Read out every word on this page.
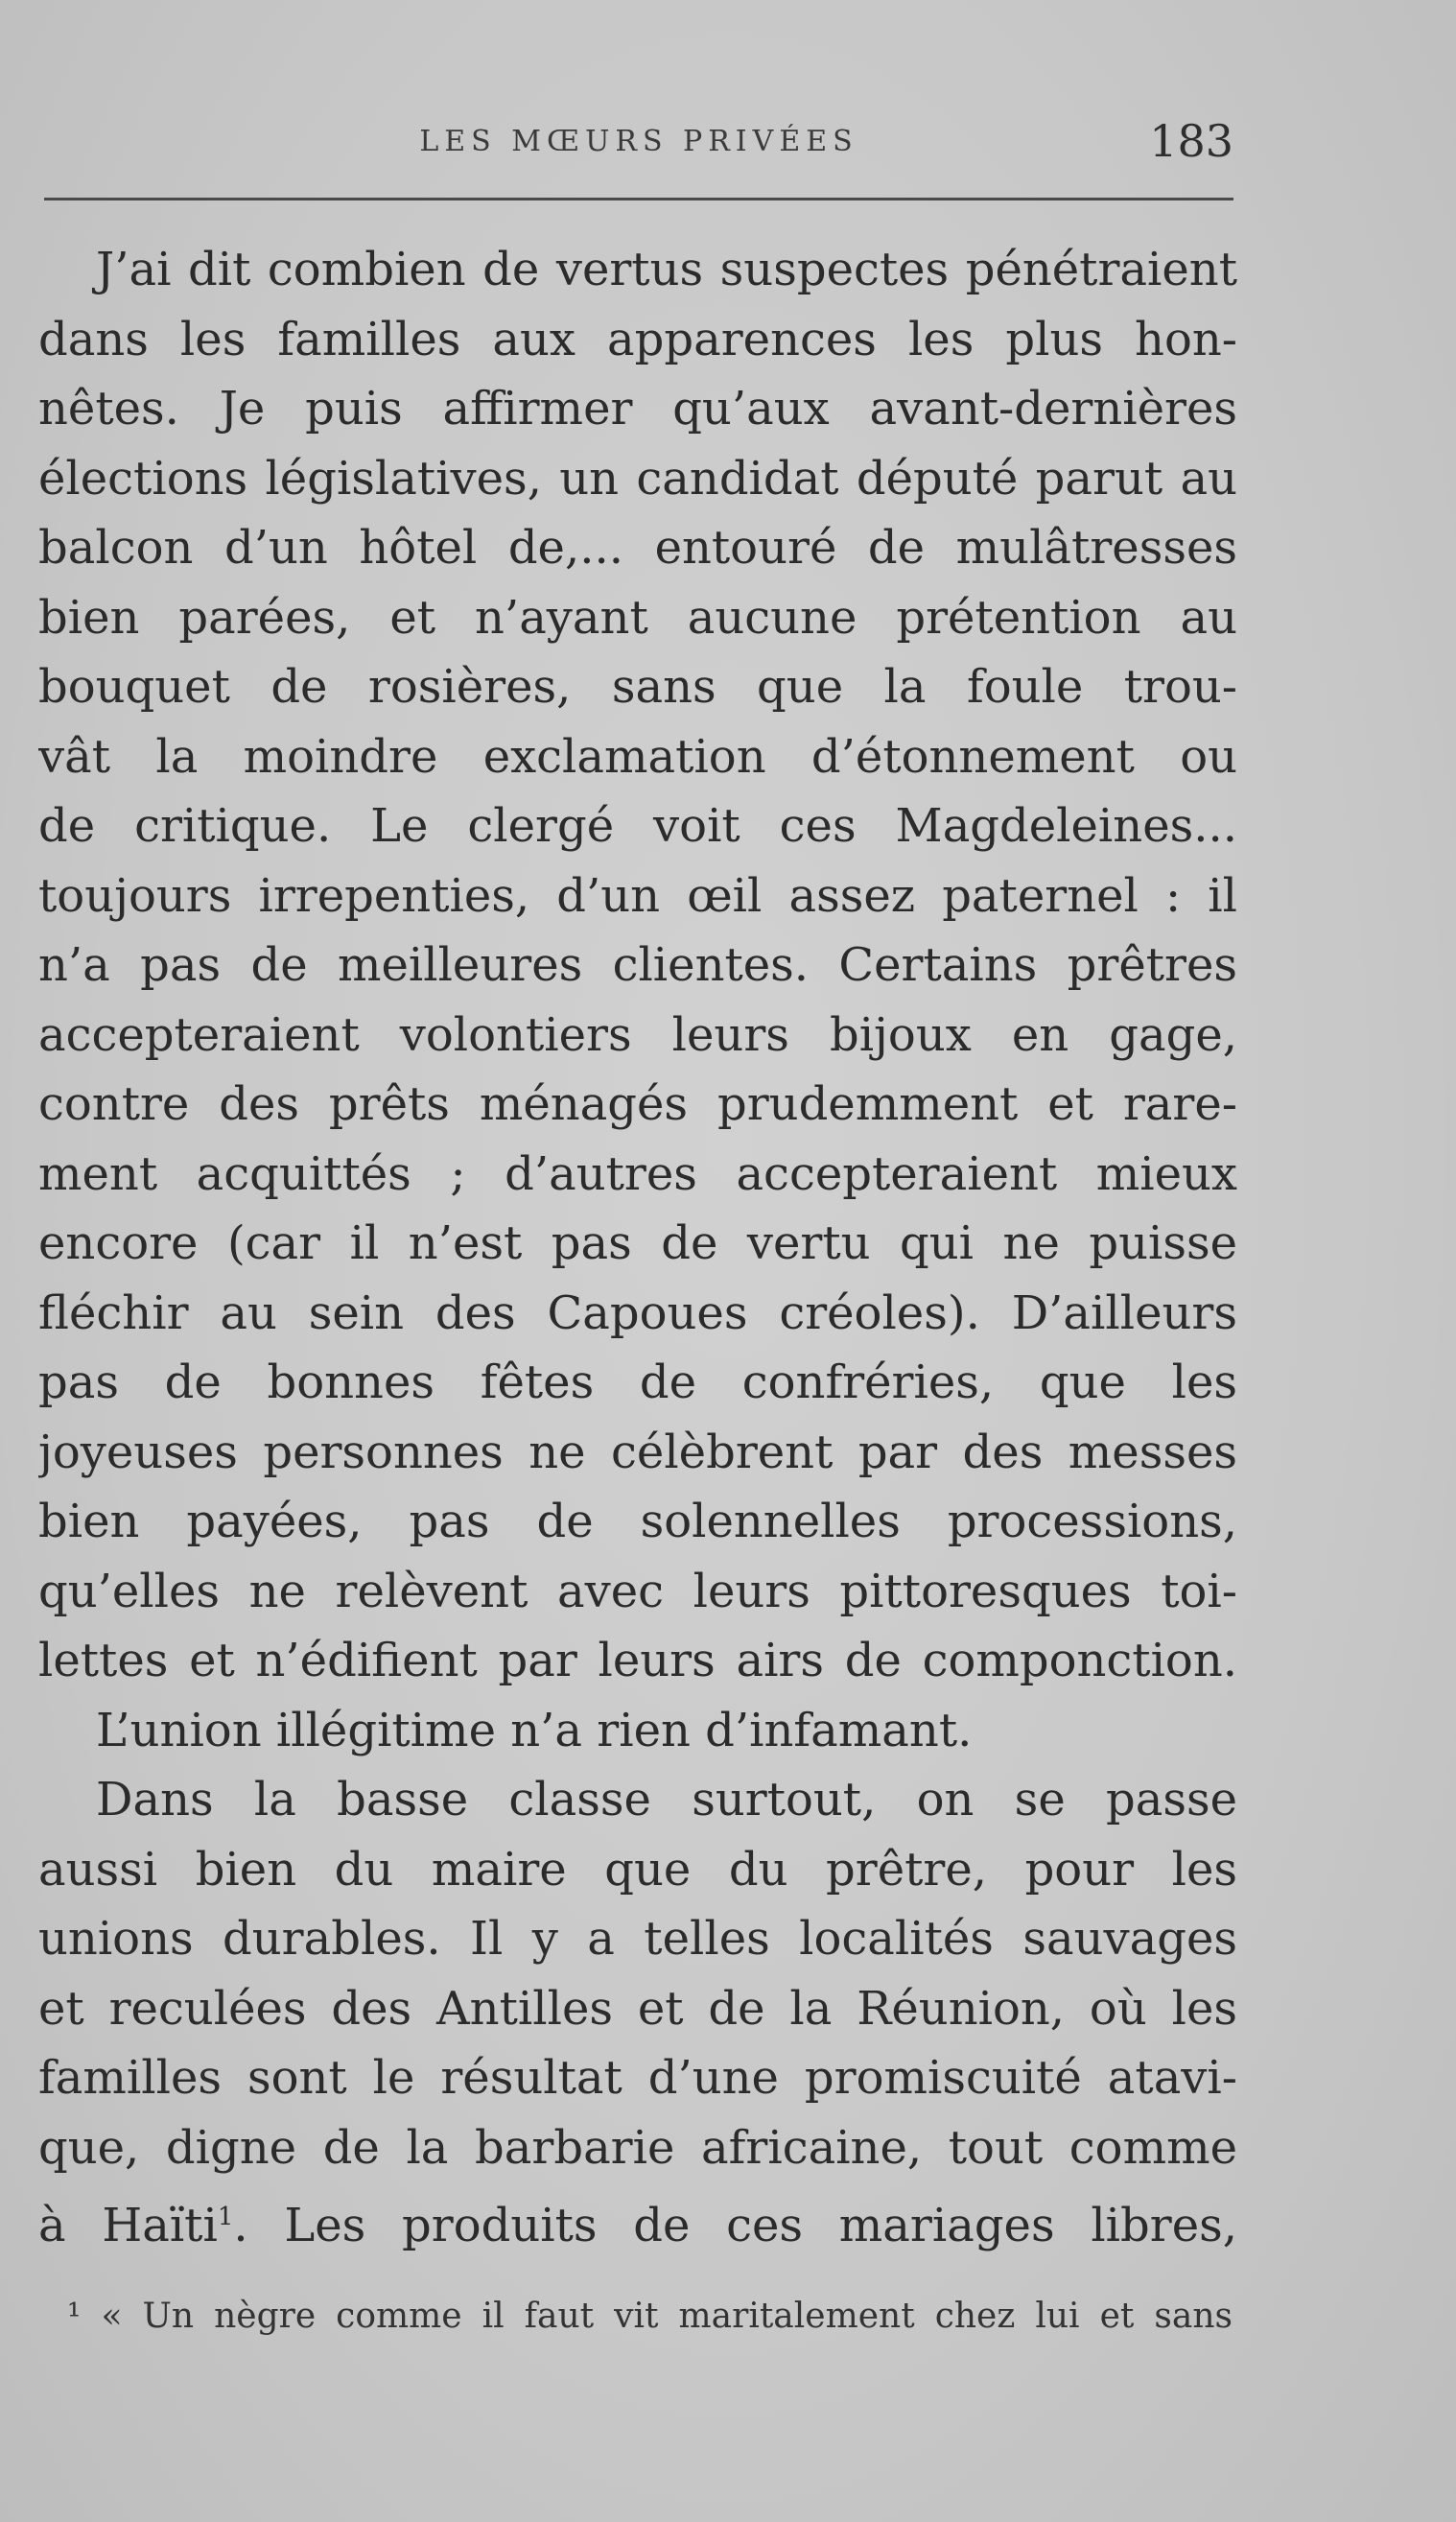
LES MŒURS PRIVÉES	183
J’ai dit combien de vertus suspectes pénétraient
dans les familles aux apparences les plus hon-
nêtes. Je puis affirmer qu’aux avant-dernières
élections législatives, un candidat député parut au
balcon d’un hôtel de,... entouré de mulâtresses
bien parées, et n’ayant aucune prétention au
bouquet de rosières, sans que la foule trou-
vât la moindre exclamation d’étonnement ou
de critique. Le clergé voit ces Magdeleines...
toujours irrepenties, d’un œil assez paternel : il
n’a pas de meilleures clientes. Certains prêtres
accepteraient volontiers leurs bijoux en gage,
contre des prêts ménagés prudemment et rare-
ment acquittés ; d’autres accepteraient mieux
encore (car il n’est pas de vertu qui ne puisse
fléchir au sein des Capoues créoles). D’ailleurs
pas de bonnes fêtes de confréries, que les
joyeuses personnes ne célèbrent par des messes
bien payées, pas de solennelles processions,
qu’elles ne relèvent avec leurs pittoresques toi-
lettes et n’édifient par leurs airs de componction.
L’union illégitime n’a rien d’infamant.
Dans la basse classe surtout, on se passe
aussi bien du maire que du prêtre, pour les
unions durables. Il y a telles localités sauvages
et reculées des Antilles et de la Réunion, où les
familles sont le résultat d’une promiscuité atavi-
que, digne de la barbarie africaine, tout comme
à Haïti$^1$. Les produits de ces mariages libres,
¹ « Un nègre comme il faut vit maritalement chez lui et sans
